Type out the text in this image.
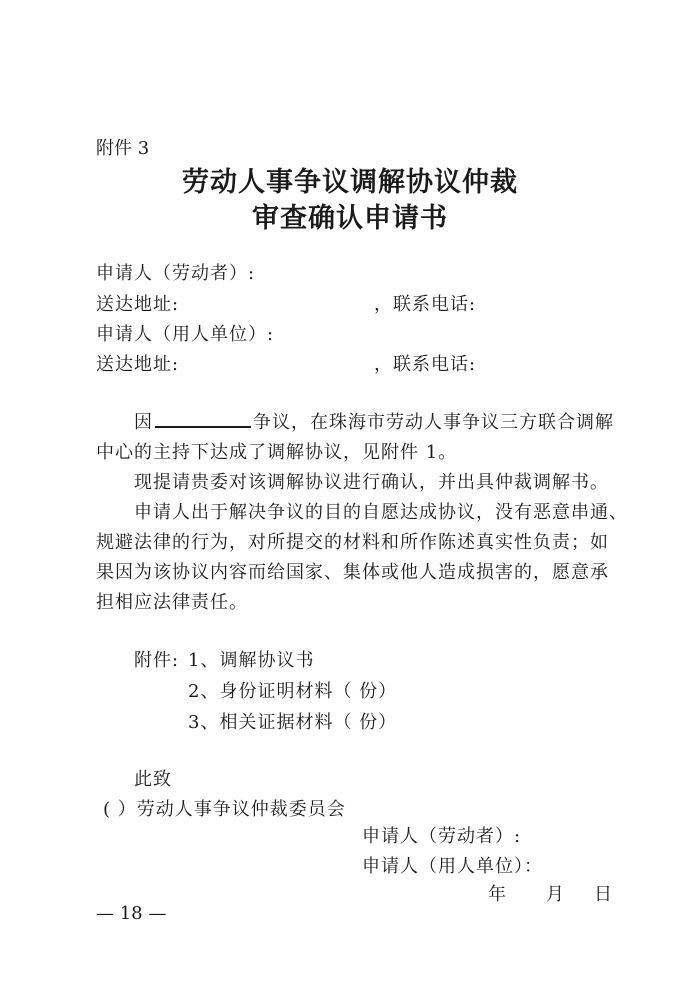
附件 3
劳动人事争议调解协议仲裁
审查确认申请书
申请人（劳动者）:
送达地址:	，联系电话:
申请人（用人单位）:
送达地址:	，联系电话:
因	争议，在珠海市劳动人事争议三方联合调解
中心的主持下达成了调解协议，见附件 1。
现提请贵委对该调解协议进行确认，并出具仲裁调解书。
申请人出于解决争议的目的自愿达成协议，没有恶意串通、
规避法律的行为，对所提交的材料和所作陈述真实性负责；如
果因为该协议内容而给国家、集体或他人造成损害的，愿意承
担相应法律责任。
附件: 1、调解协议书
2、身份证明材料（ 份）
3、相关证据材料（ 份）
此致
( ）劳动人事争议仲裁委员会
申请人（劳动者）:
申请人（用人单位）：
年 月 日
— 18 —
